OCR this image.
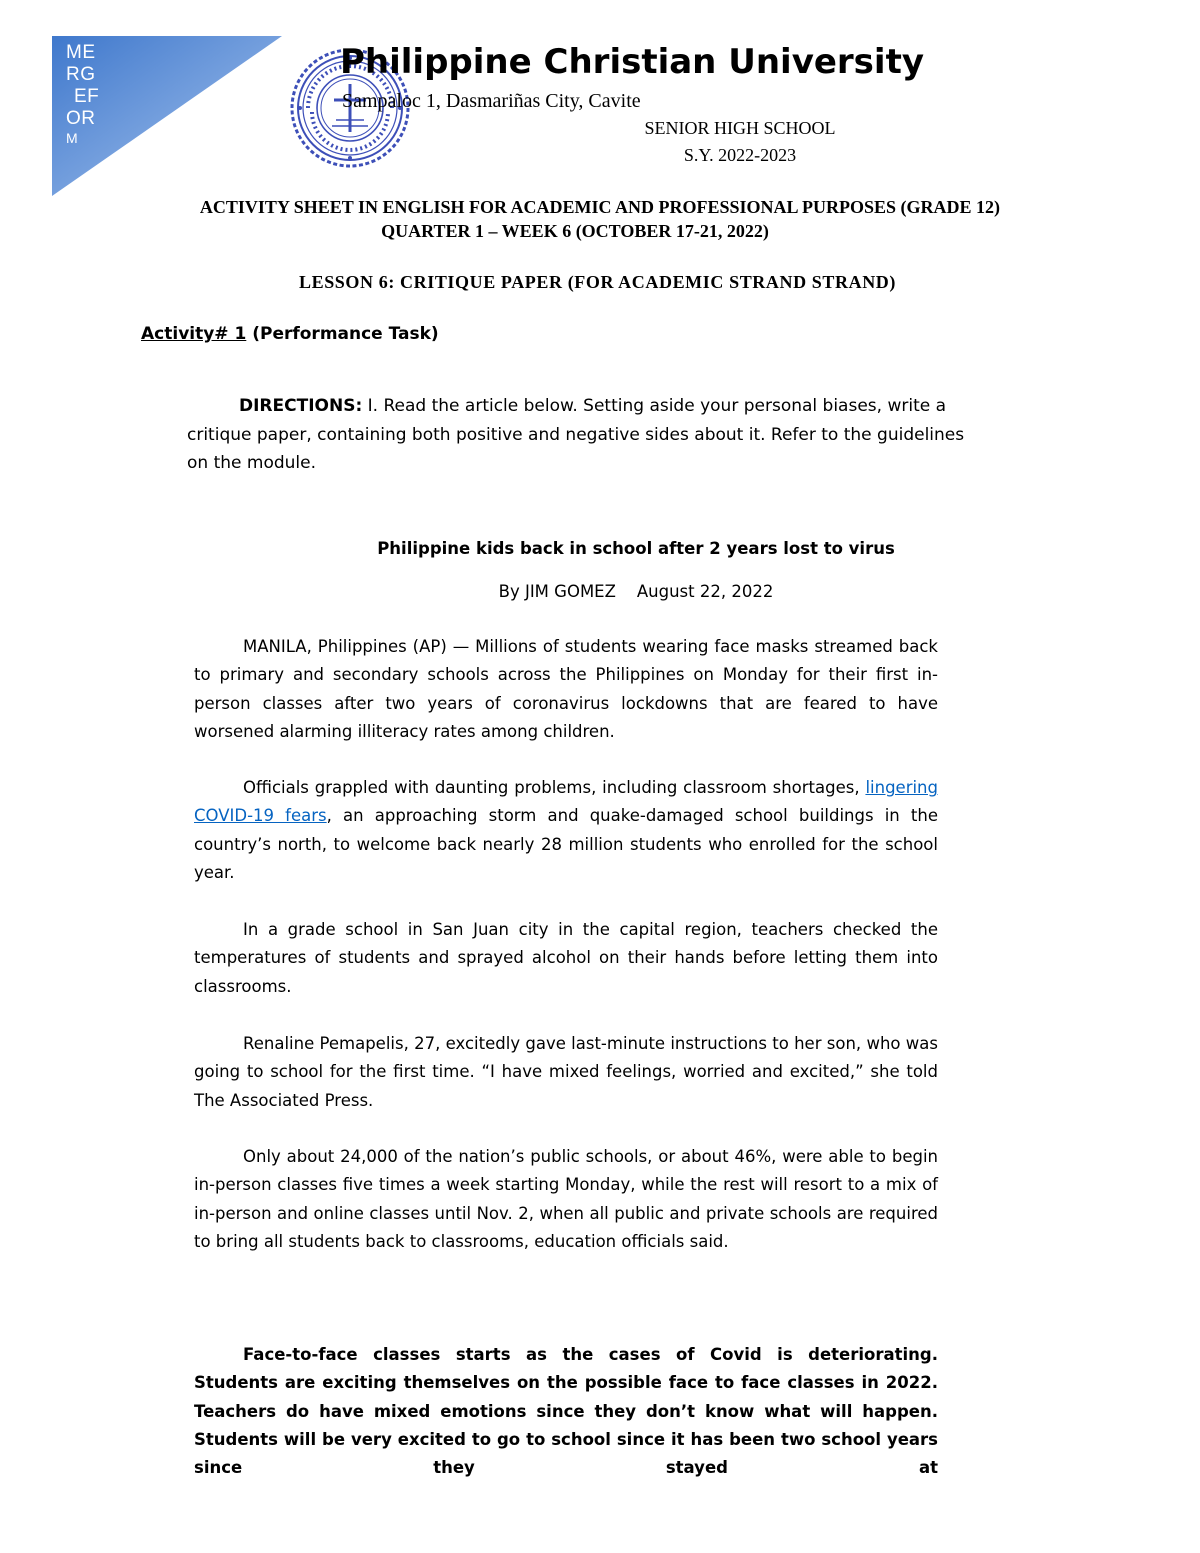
ME
RG
EF
OR
M
Philippine Christian University
Sampaloc 1, Dasmariñas City, Cavite
SENIOR HIGH SCHOOL
S.Y. 2022-2023
ACTIVITY SHEET IN ENGLISH FOR ACADEMIC AND PROFESSIONAL PURPOSES (GRADE 12)
QUARTER 1 – WEEK 6 (OCTOBER 17-21, 2022)
LESSON 6: CRITIQUE PAPER (FOR ACADEMIC STRAND STRAND)
Activity# 1 (Performance Task)

DIRECTIONS: I. Read the article below. Setting aside your personal biases, write a critique paper, containing both positive and negative sides about it. Refer to the guidelines on the module.

Philippine kids back in school after 2 years lost to virus
By JIM GOMEZ    August 22, 2022

MANILA, Philippines (AP) — Millions of students wearing face masks streamed back to primary and secondary schools across the Philippines on Monday for their first in-person classes after two years of coronavirus lockdowns that are feared to have worsened alarming illiteracy rates among children.

Officials grappled with daunting problems, including classroom shortages, lingering COVID-19 fears, an approaching storm and quake-damaged school buildings in the country’s north, to welcome back nearly 28 million students who enrolled for the school year.

In a grade school in San Juan city in the capital region, teachers checked the temperatures of students and sprayed alcohol on their hands before letting them into classrooms.

Renaline Pemapelis, 27, excitedly gave last-minute instructions to her son, who was going to school for the first time. “I have mixed feelings, worried and excited,” she told The Associated Press.

Only about 24,000 of the nation’s public schools, or about 46%, were able to begin in-person classes five times a week starting Monday, while the rest will resort to a mix of in-person and online classes until Nov. 2, when all public and private schools are required to bring all students back to classrooms, education officials said.

Face-to-face classes starts as the cases of Covid is deteriorating. Students are exciting themselves on the possible face to face classes in 2022. Teachers do have mixed emotions since they don’t know what will happen. Students will be very excited to go to school since it has been two school years since they stayed at
